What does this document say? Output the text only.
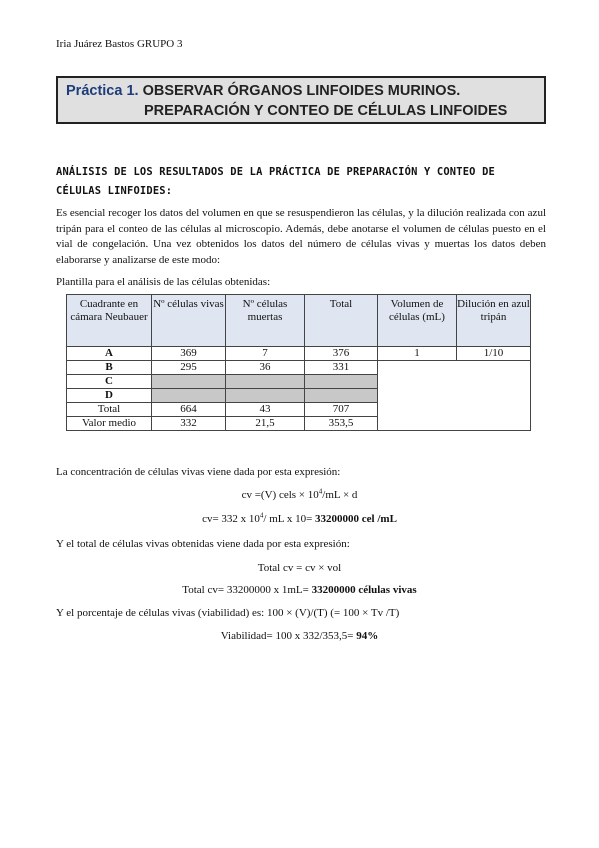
Iria Juárez Bastos GRUPO 3
Práctica 1. OBSERVAR ÓRGANOS LINFOIDES MURINOS.
PREPARACIÓN Y CONTEO DE CÉLULAS LINFOIDES
ANÁLISIS DE LOS RESULTADOS DE LA PRÁCTICA DE PREPARACIÓN Y CONTEO DE CÉLULAS LINFOIDES:
Es esencial recoger los datos del volumen en que se resuspendieron las células, y la dilución realizada con azul tripán para el conteo de las células al microscopio. Además, debe anotarse el volumen de células puesto en el vial de congelación. Una vez obtenidos los datos del número de células vivas y muertas los datos deben elaborarse y analizarse de este modo:
Plantilla para el análisis de las células obtenidas:
Cuadrante en cámara Neubauer	Nº células vivas	Nº células muertas	Total	Volumen de células (mL)	Dilución en azul tripán
A	369	7	376	1	1/10
B	295	36	331		
C					
D					
Total	664	43	707		
Valor medio	332	21,5	353,5		
La concentración de células vivas viene dada por esta expresión:
cv =(V) cels × $10^4/mL \times d$
cv= 332 x $10^4/$ mL x 10= 33200000 cel /mL
Y el total de células vivas obtenidas viene dada por esta expresión:
Total cv = cv × vol
Total cv= 33200000 x 1mL= 33200000 células vivas
Y el porcentaje de células vivas (viabilidad) es: 100 × (V)/(T) (= 100 × Tv /T)
Viabilidad= 100 x 332/353,5= 94%
